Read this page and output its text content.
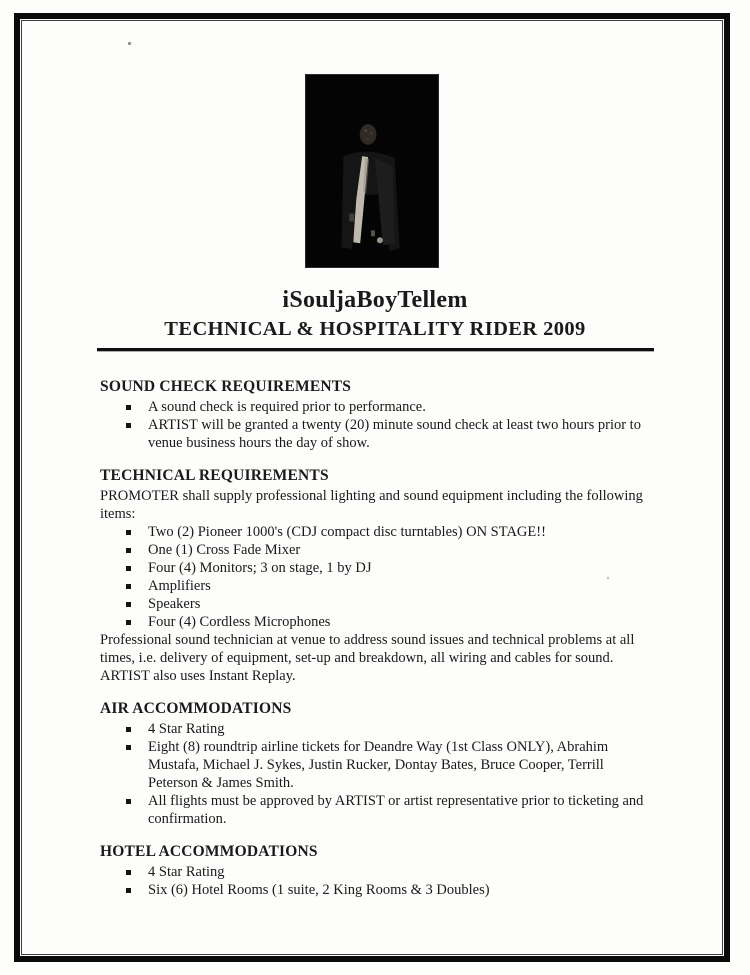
iSouljaBoyTellem
TECHNICAL & HOSPITALITY RIDER 2009
SOUND CHECK REQUIREMENTS
A sound check is required prior to performance.
ARTIST will be granted a twenty (20) minute sound check at least two hours prior to venue business hours the day of show.
TECHNICAL REQUIREMENTS

PROMOTER shall supply professional lighting and sound equipment including the following items:

Two (2) Pioneer 1000's (CDJ compact disc turntables) ON STAGE!!
One (1) Cross Fade Mixer
Four (4) Monitors; 3 on stage, 1 by DJ
Amplifiers
Speakers
Four (4) Cordless Microphones

Professional sound technician at venue to address sound issues and technical problems at all times, i.e. delivery of equipment, set-up and breakdown, all wiring and cables for sound. ARTIST also uses Instant Replay.

AIR ACCOMMODATIONS
4 Star Rating
Eight (8) roundtrip airline tickets for Deandre Way (1st Class ONLY), Abrahim Mustafa, Michael J. Sykes, Justin Rucker, Dontay Bates, Bruce Cooper, Terrill Peterson & James Smith.
All flights must be approved by ARTIST or artist representative prior to ticketing and confirmation.
HOTEL ACCOMMODATIONS
4 Star Rating
Six (6) Hotel Rooms (1 suite, 2 King Rooms & 3 Doubles)
